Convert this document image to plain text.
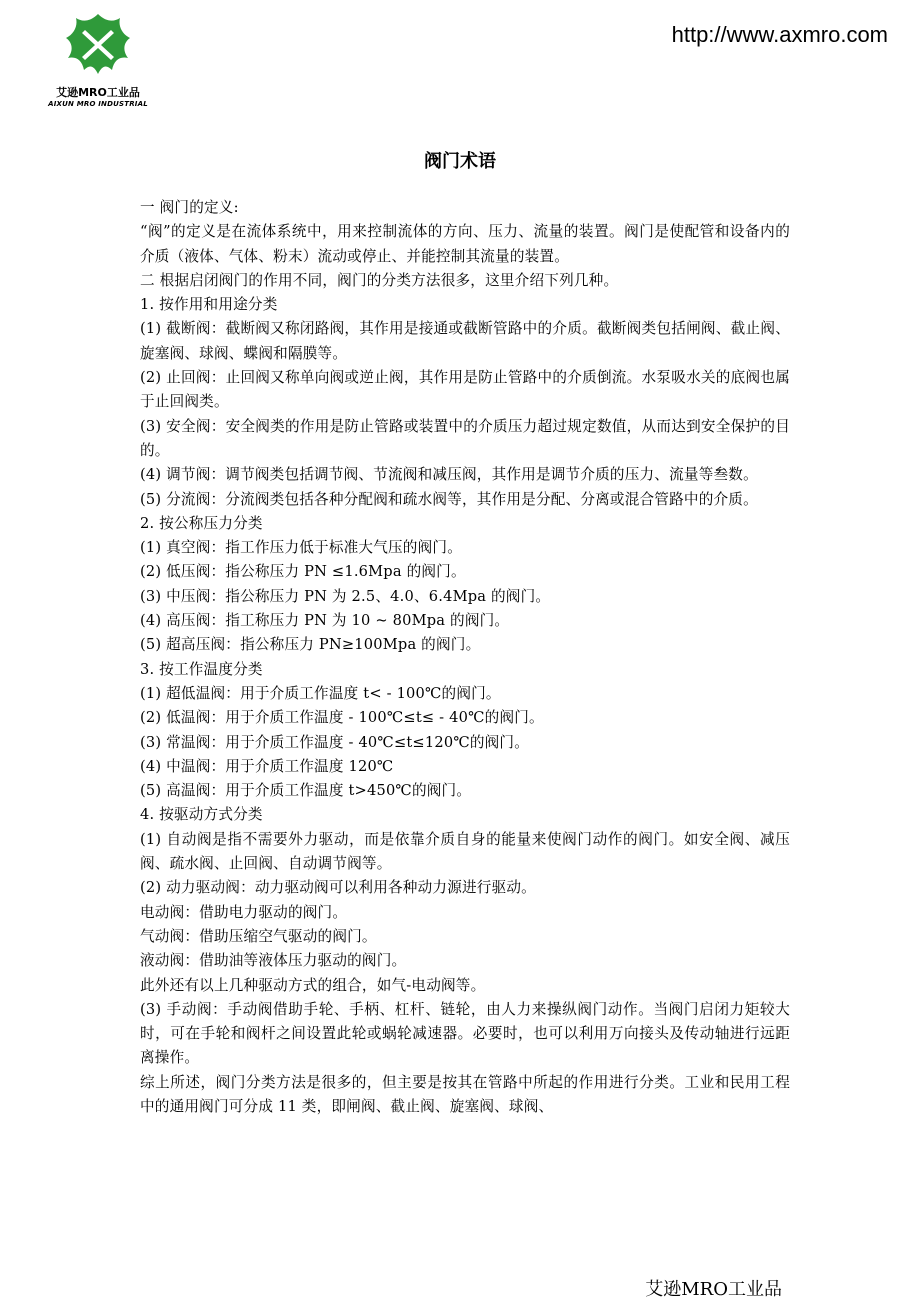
艾逊MRO工业品
AIXUN MRO INDUSTRIAL
http://www.axmro.com
阀门术语

一 阀门的定义:

“阀”的定义是在流体系统中，用来控制流体的方向、压力、流量的装置。阀门是使配管和设备内的介质（液体、气体、粉末）流动或停止、并能控制其流量的装置。

二 根据启闭阀门的作用不同，阀门的分类方法很多，这里介绍下列几种。

1. 按作用和用途分类

(1) 截断阀：截断阀又称闭路阀，其作用是接通或截断管路中的介质。截断阀类包括闸阀、截止阀、旋塞阀、球阀、蝶阀和隔膜等。

(2) 止回阀：止回阀又称单向阀或逆止阀，其作用是防止管路中的介质倒流。水泵吸水关的底阀也属于止回阀类。

(3) 安全阀：安全阀类的作用是防止管路或装置中的介质压力超过规定数值，从而达到安全保护的目的。

(4) 调节阀：调节阀类包括调节阀、节流阀和减压阀，其作用是调节介质的压力、流量等叁数。

(5) 分流阀：分流阀类包括各种分配阀和疏水阀等，其作用是分配、分离或混合管路中的介质。

2. 按公称压力分类

(1) 真空阀：指工作压力低于标准大气压的阀门。

(2) 低压阀：指公称压力 PN ≤1.6Mpa 的阀门。

(3) 中压阀：指公称压力 PN 为 2.5、4.0、6.4Mpa 的阀门。

(4) 高压阀：指工称压力 PN 为 10 ~ 80Mpa 的阀门。

(5) 超高压阀：指公称压力 PN≥100Mpa 的阀门。

3. 按工作温度分类

(1) 超低温阀：用于介质工作温度 t< - 100℃的阀门。

(2) 低温阀：用于介质工作温度 - 100℃≤t≤ - 40℃的阀门。

(3) 常温阀：用于介质工作温度 - 40℃≤t≤120℃的阀门。

(4) 中温阀：用于介质工作温度 120℃

(5) 高温阀：用于介质工作温度 t>450℃的阀门。

4. 按驱动方式分类

(1) 自动阀是指不需要外力驱动，而是依靠介质自身的能量来使阀门动作的阀门。如安全阀、减压阀、疏水阀、止回阀、自动调节阀等。

(2) 动力驱动阀：动力驱动阀可以利用各种动力源进行驱动。

电动阀：借助电力驱动的阀门。

气动阀：借助压缩空气驱动的阀门。

液动阀：借助油等液体压力驱动的阀门。

此外还有以上几种驱动方式的组合，如气-电动阀等。

(3) 手动阀：手动阀借助手轮、手柄、杠杆、链轮，由人力来操纵阀门动作。当阀门启闭力矩较大时，可在手轮和阀杆之间设置此轮或蜗轮减速器。必要时，也可以利用万向接头及传动轴进行远距离操作。

综上所述，阀门分类方法是很多的，但主要是按其在管路中所起的作用进行分类。工业和民用工程中的通用阀门可分成 11 类，即闸阀、截止阀、旋塞阀、球阀、

艾逊MRO工业品
